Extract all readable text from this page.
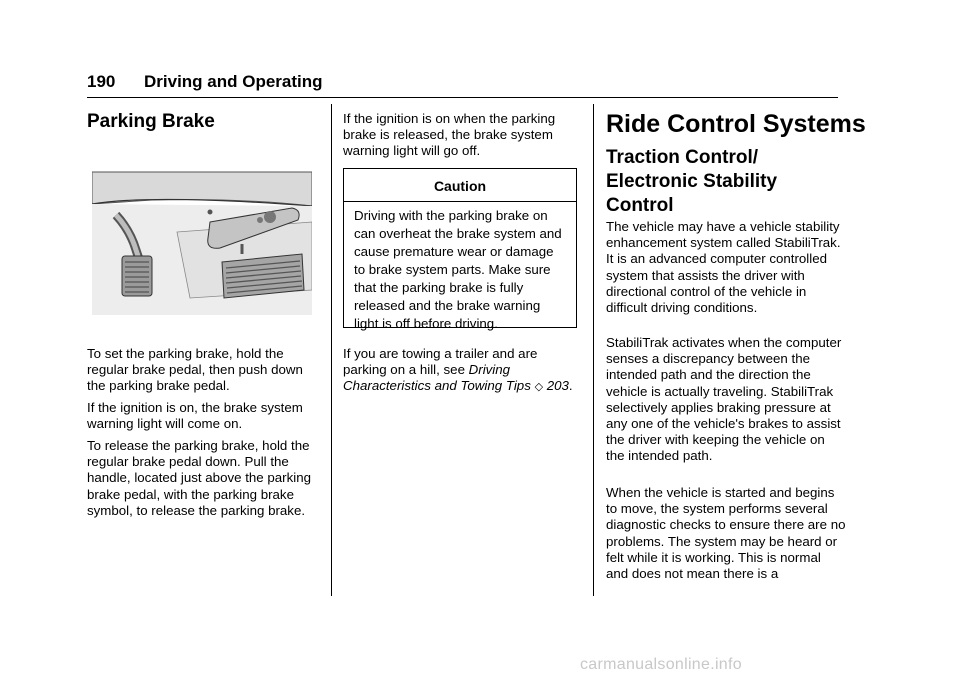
190 Driving and Operating
Parking Brake

To set the parking brake, hold the regular brake pedal, then push down the parking brake pedal.

If the ignition is on, the brake system warning light will come on.

To release the parking brake, hold the regular brake pedal down. Pull the handle, located just above the parking brake pedal, with the parking brake symbol, to release the parking brake.

If the ignition is on when the parking brake is released, the brake system warning light will go off.

Caution

Driving with the parking brake on can overheat the brake system and cause premature wear or damage to brake system parts. Make sure that the parking brake is fully released and the brake warning light is off before driving.

If you are towing a trailer and are parking on a hill, see Driving Characteristics and Towing Tips ◇ 203.

Ride Control Systems
Traction Control/ Electronic Stability Control

The vehicle may have a vehicle stability enhancement system called StabiliTrak. It is an advanced computer controlled system that assists the driver with directional control of the vehicle in difficult driving conditions.

StabiliTrak activates when the computer senses a discrepancy between the intended path and the direction the vehicle is actually traveling. StabiliTrak selectively applies braking pressure at any one of the vehicle's brakes to assist the driver with keeping the vehicle on the intended path.

When the vehicle is started and begins to move, the system performs several diagnostic checks to ensure there are no problems. The system may be heard or felt while it is working. This is normal and does not mean there is a

carmanualsonline.info
